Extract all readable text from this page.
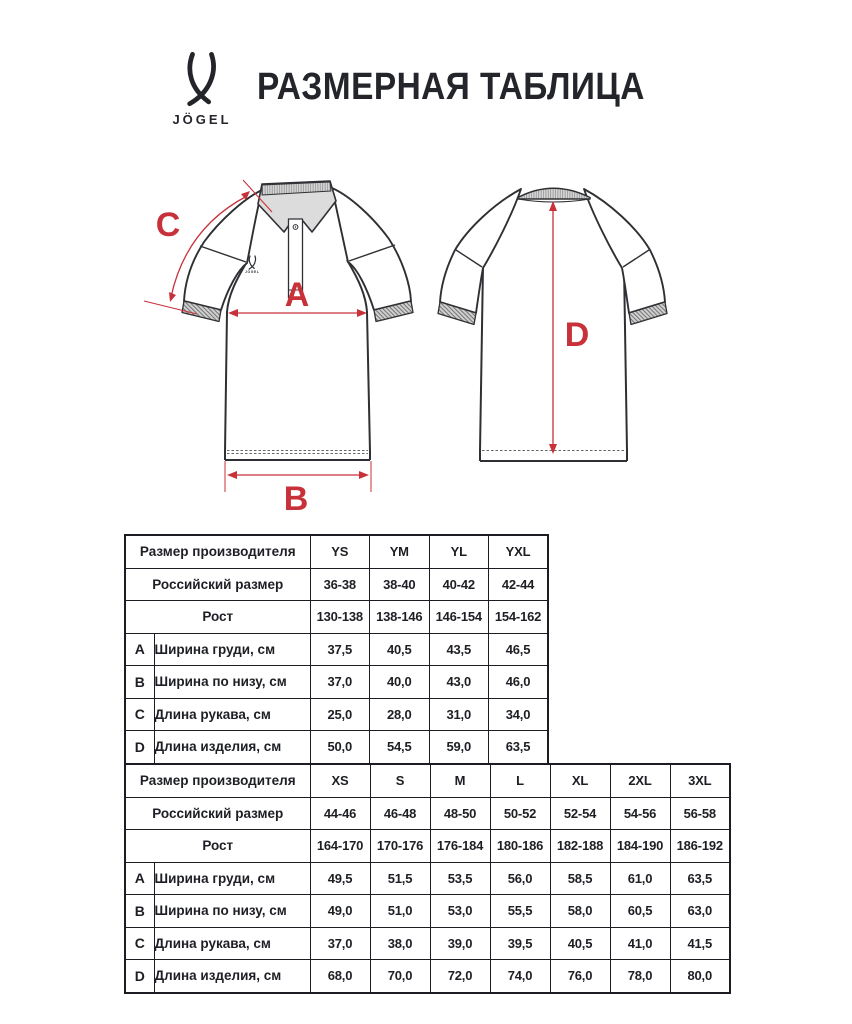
JÖGEL
РАЗМЕРНАЯ ТАБЛИЦА
JÖGEL
A
B
C
D
Размер производителя		YS	YM	YL	YXL
Российский размер		36-38	38-40	40-42	42-44
Рост		130-138	138-146	146-154	154-162
A	Ширина груди, см	37,5	40,5	43,5	46,5
B	Ширина по низу, см	37,0	40,0	43,0	46,0
C	Длина рукава, см	25,0	28,0	31,0	34,0
D	Длина изделия, см	50,0	54,5	59,0	63,5
Размер производителя		XS	S	M	L	XL	2XL	3XL
Российский размер		44-46	46-48	48-50	50-52	52-54	54-56	56-58
Рост		164-170	170-176	176-184	180-186	182-188	184-190	186-192
A	Ширина груди, см	49,5	51,5	53,5	56,0	58,5	61,0	63,5
B	Ширина по низу, см	49,0	51,0	53,0	55,5	58,0	60,5	63,0
C	Длина рукава, см	37,0	38,0	39,0	39,5	40,5	41,0	41,5
D	Длина изделия, см	68,0	70,0	72,0	74,0	76,0	78,0	80,0
